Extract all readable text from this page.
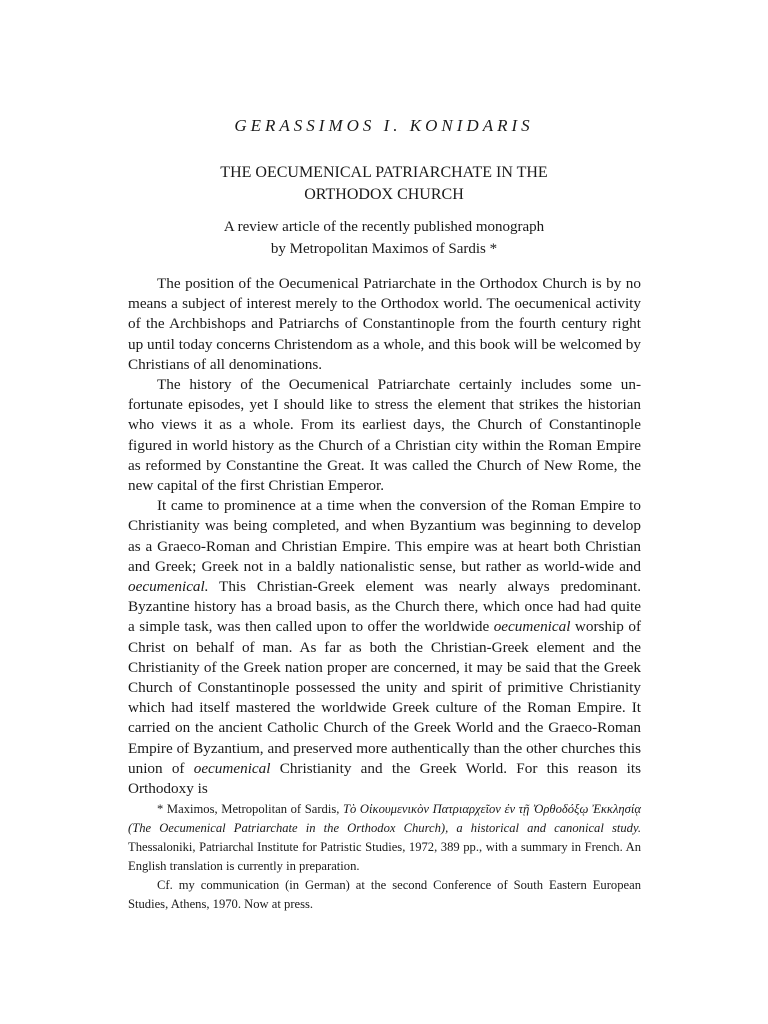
GERASSIMOS I. KONIDARIS
THE OECUMENICAL PATRIARCHATE IN THE
ORTHODOX CHURCH
A review article of the recently published monograph
by Metropolitan Maximos of Sardis *

The position of the Oecumenical Patriarchate in the Orthodox Church is by no means a subject of interest merely to the Orthodox world. The oecumenical activity of the Archbishops and Patriarchs of Constantinople from the fourth century right up until today concerns Christendom as a whole, and this book will be welcomed by Christians of all denominations.

The history of the Oecumenical Patriarchate certainly includes some unfortunate episodes, yet I should like to stress the element that strikes the historian who views it as a whole. From its earliest days, the Church of Constantinople figured in world history as the Church of a Christian city within the Roman Empire as reformed by Constantine the Great. It was called the Church of New Rome, the new capital of the first Christian Emperor.

It came to prominence at a time when the conversion of the Roman Empire to Christianity was being completed, and when Byzantium was beginning to develop as a Graeco-Roman and Christian Empire. This empire was at heart both Christian and Greek; Greek not in a baldly nationalistic sense, but rather as world-wide and oecumenical. This Christian-Greek element was nearly always predominant. Byzantine history has a broad basis, as the Church there, which once had had quite a simple task, was then called upon to offer the worldwide oecumenical worship of Christ on behalf of man. As far as both the Christian-Greek element and the Christianity of the Greek nation proper are concerned, it may be said that the Greek Church of Constantinople possessed the unity and spirit of primitive Christianity which had itself mastered the worldwide Greek culture of the Roman Empire. It carried on the ancient Catholic Church of the Greek World and the Graeco-Roman Empire of Byzantium, and preserved more authentically than the other churches this union of oecumenical Christianity and the Greek World. For this reason its Orthodoxy is

* Maximos, Metropolitan of Sardis, Τὸ Οἰκουμενικὸν Πατριαρχεῖον ἐν τῇ Ὀρθοδόξῳ Ἐκκλησίᾳ (The Oecumenical Patriarchate in the Orthodox Church), a historical and canonical study. Thessaloniki, Patriarchal Institute for Patristic Studies, 1972, 389 pp., with a summary in French. An English translation is currently in preparation.

Cf. my communication (in German) at the second Conference of South Eastern European Studies, Athens, 1970. Now at press.
